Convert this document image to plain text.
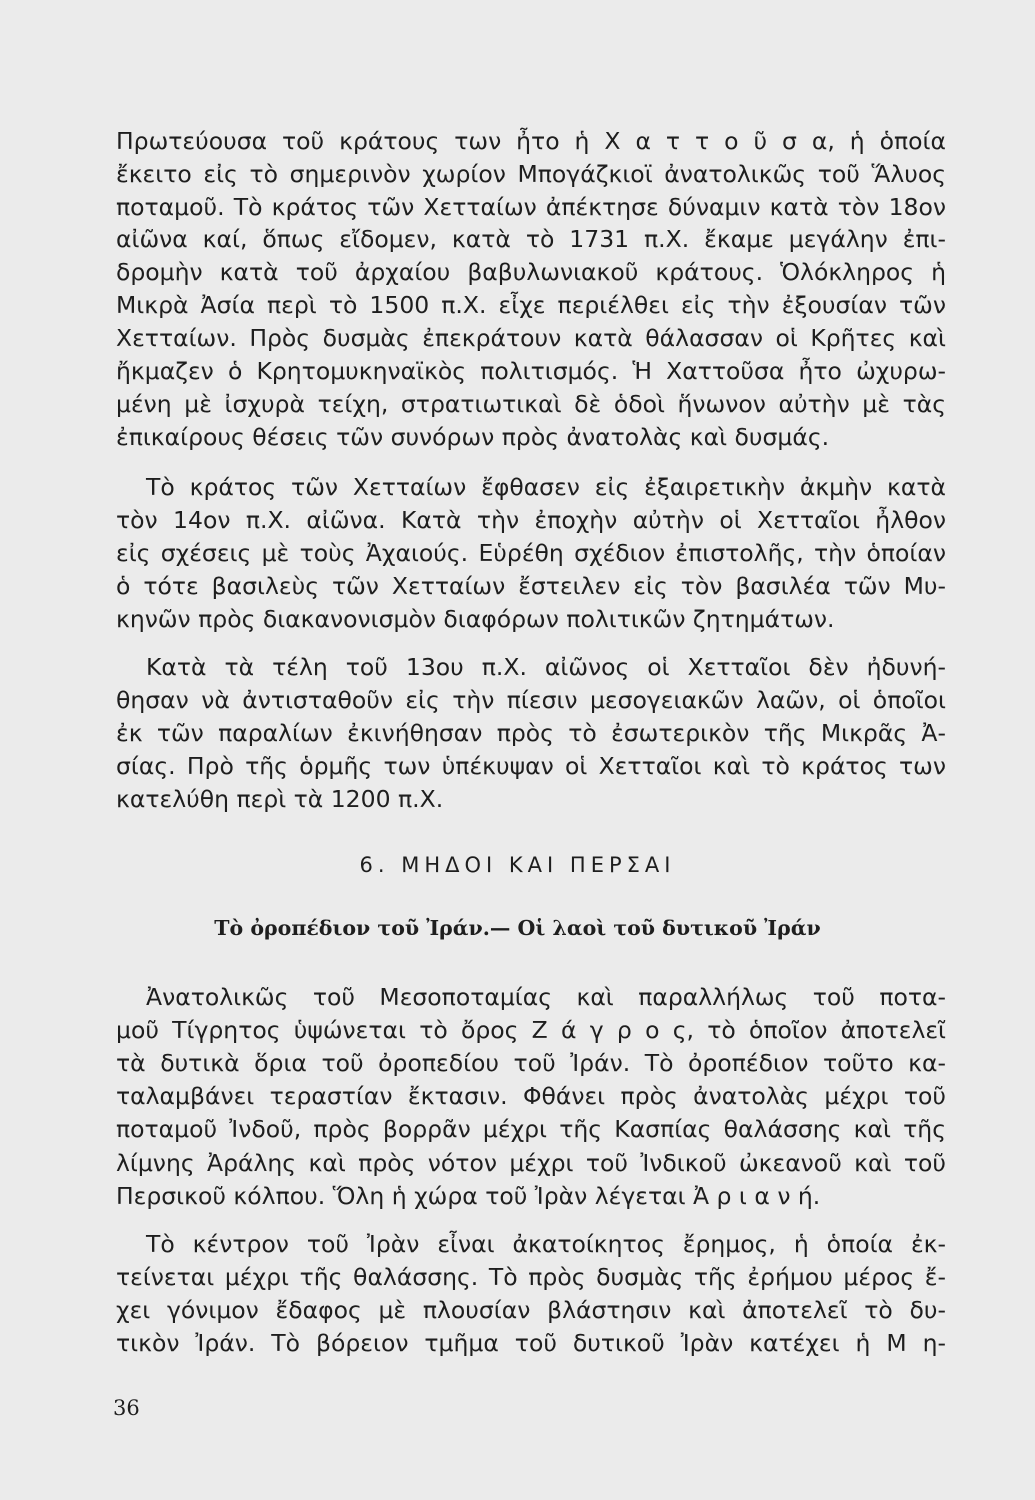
Πρωτεύουσα τοῦ κράτους των ἦτο ἡ Χ α τ τ ο ῦ σ α, ἡ ὁποία
ἔκειτο εἰς τὸ σημερινὸν χωρίον Μπογάζκιοϊ ἀνατολικῶς τοῦ Ἅλυος
ποταμοῦ. Τὸ κράτος τῶν Χετταίων ἀπέκτησε δύναμιν κατὰ τὸν 18ον
αἰῶνα καί, ὅπως εἴδομεν, κατὰ τὸ 1731 π.Χ. ἔκαμε μεγάλην ἐπι-
δρομὴν κατὰ τοῦ ἀρχαίου βαβυλωνιακοῦ κράτους. Ὁλόκληρος ἡ
Μικρὰ Ἀσία περὶ τὸ 1500 π.Χ. εἶχε περιέλθει εἰς τὴν ἐξουσίαν τῶν
Χετταίων. Πρὸς δυσμὰς ἐπεκράτουν κατὰ θάλασσαν οἱ Κρῆτες καὶ
ἤκμαζεν ὁ Κρητομυκηναϊκὸς πολιτισμός. Ἡ Χαττοῦσα ἦτο ὠχυρω-
μένη μὲ ἰσχυρὰ τείχη, στρατιωτικαὶ δὲ ὁδοὶ ἥνωνον αὐτὴν μὲ τὰς
ἐπικαίρους θέσεις τῶν συνόρων πρὸς ἀνατολὰς καὶ δυσμάς.
Τὸ κράτος τῶν Χετταίων ἔφθασεν εἰς ἐξαιρετικὴν ἀκμὴν κατὰ
τὸν 14ον π.Χ. αἰῶνα. Κατὰ τὴν ἐποχὴν αὐτὴν οἱ Χετταῖοι ἦλθον
εἰς σχέσεις μὲ τοὺς Ἀχαιούς. Εὑρέθη σχέδιον ἐπιστολῆς, τὴν ὁποίαν
ὁ τότε βασιλεὺς τῶν Χετταίων ἔστειλεν εἰς τὸν βασιλέα τῶν Μυ-
κηνῶν πρὸς διακανονισμὸν διαφόρων πολιτικῶν ζητημάτων.
Κατὰ τὰ τέλη τοῦ 13ου π.Χ. αἰῶνος οἱ Χετταῖοι δὲν ἠδυνή-
θησαν νὰ ἀντισταθοῦν εἰς τὴν πίεσιν μεσογειακῶν λαῶν, οἱ ὁποῖοι
ἐκ τῶν παραλίων ἐκινήθησαν πρὸς τὸ ἐσωτερικὸν τῆς Μικρᾶς Ἀ-
σίας. Πρὸ τῆς ὁρμῆς των ὑπέκυψαν οἱ Χετταῖοι καὶ τὸ κράτος των
κατελύθη περὶ τὰ 1200 π.Χ.
6. ΜΗΔΟΙ ΚΑΙ ΠΕΡΣΑΙ
Τὸ ὀροπέδιον τοῦ Ἰράν.— Οἱ λαοὶ τοῦ δυτικοῦ Ἰράν
Ἀνατολικῶς τοῦ Μεσοποταμίας καὶ παραλλήλως τοῦ ποτα-
μοῦ Τίγρητος ὑψώνεται τὸ ὄρος Ζ ά γ ρ ο ς, τὸ ὁποῖον ἀποτελεῖ
τὰ δυτικὰ ὅρια τοῦ ὀροπεδίου τοῦ Ἰράν. Τὸ ὀροπέδιον τοῦτο κα-
ταλαμβάνει τεραστίαν ἔκτασιν. Φθάνει πρὸς ἀνατολὰς μέχρι τοῦ
ποταμοῦ Ἰνδοῦ, πρὸς βορρᾶν μέχρι τῆς Κασπίας θαλάσσης καὶ τῆς
λίμνης Ἀράλης καὶ πρὸς νότον μέχρι τοῦ Ἰνδικοῦ ὠκεανοῦ καὶ τοῦ
Περσικοῦ κόλπου. Ὅλη ἡ χώρα τοῦ Ἰρὰν λέγεται Ἀ ρ ι α ν ή.
Τὸ κέντρον τοῦ Ἰρὰν εἶναι ἀκατοίκητος ἔρημος, ἡ ὁποία ἐκ-
τείνεται μέχρι τῆς θαλάσσης. Τὸ πρὸς δυσμὰς τῆς ἐρήμου μέρος ἔ-
χει γόνιμον ἔδαφος μὲ πλουσίαν βλάστησιν καὶ ἀποτελεῖ τὸ δυ-
τικὸν Ἰράν. Τὸ βόρειον τμῆμα τοῦ δυτικοῦ Ἰρὰν κατέχει ἡ Μ η-
36
